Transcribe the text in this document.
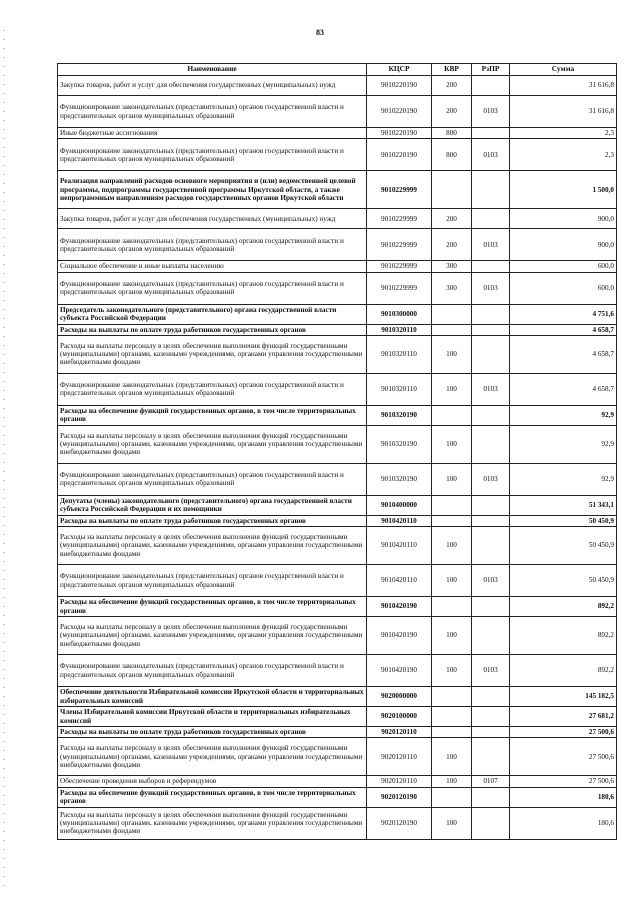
83
Наименование	КЦСР	КВР	РзПР	Сумма
Закупка товаров, работ и услуг для обеспечения государственных (муниципальных) нужд	9010220190	200		31 616,8
Функционирование законодательных (представительных) органов государственной власти и представительных органов муниципальных образований	9010220190	200	0103	31 616,8
Иные бюджетные ассигнования	9010220190	800		2,3
Функционирование законодательных (представительных) органов государственной власти и представительных органов муниципальных образований	9010220190	800	0103	2,3
Реализация направлений расходов основного мероприятия и (или) ведомственной целевой программы, подпрограммы государственной программы Иркутской области, а также непрограммным направлениям расходов государственных органов Иркутской области	9010229999			1 500,0
Закупка товаров, работ и услуг для обеспечения государственных (муниципальных) нужд	9010229999	200		900,0
Функционирование законодательных (представительных) органов государственной власти и представительных органов муниципальных образований	9010229999	200	0103	900,0
Социальное обеспечение и иные выплаты населению	9010229999	300		600,0
Функционирование законодательных (представительных) органов государственной власти и представительных органов муниципальных образований	9010229999	300	0103	600,0
Председатель законодательного (представительного) органа государственной власти субъекта Российской Федерации	9010300000			4 751,6
Расходы на выплаты по оплате труда работников государственных органов	9010320110			4 658,7
Расходы на выплаты персоналу в целях обеспечения выполнения функций государственными (муниципальными) органами, казенными учреждениями, органами управления государственными внебюджетными фондами	9010320110	100		4 658,7
Функционирование законодательных (представительных) органов государственной власти и представительных органов муниципальных образований	9010320110	100	0103	4 658,7
Расходы на обеспечение функций государственных органов, в том числе территориальных органов	9010320190			92,9
Расходы на выплаты персоналу в целях обеспечения выполнения функций государственными (муниципальными) органами, казенными учреждениями, органами управления государственными внебюджетными фондами	9010320190	100		92,9
Функционирование законодательных (представительных) органов государственной власти и представительных органов муниципальных образований	9010320190	100	0103	92,9
Депутаты (члены) законодательного (представительного) органа государственной власти субъекта Российской Федерации и их помощники	9010400000			51 343,1
Расходы на выплаты по оплате труда работников государственных органов	9010420110			50 450,9
Расходы на выплаты персоналу в целях обеспечения выполнения функций государственными (муниципальными) органами, казенными учреждениями, органами управления государственными внебюджетными фондами	9010420110	100		50 450,9
Функционирование законодательных (представительных) органов государственной власти и представительных органов муниципальных образований	9010420110	100	0103	50 450,9
Расходы на обеспечение функций государственных органов, в том числе территориальных органов	9010420190			892,2
Расходы на выплаты персоналу в целях обеспечения выполнения функций государственными (муниципальными) органами, казенными учреждениями, органами управления государственными внебюджетными фондами	9010420190	100		892,2
Функционирование законодательных (представительных) органов государственной власти и представительных органов муниципальных образований	9010420190	100	0103	892,2
Обеспечение деятельности Избирательной комиссии Иркутской области и территориальных избирательных комиссий	9020000000			145 182,5
Члены Избирательной комиссии Иркутской области и территориальных избирательных комиссий	9020100000			27 681,2
Расходы на выплаты по оплате труда работников государственных органов	9020120110			27 500,6
Расходы на выплаты персоналу в целях обеспечения выполнения функций государственными (муниципальными) органами, казенными учреждениями, органами управления государственными внебюджетными фондами	9020120110	100		27 500,6
Обеспечение проведения выборов и референдумов	9020120110	100	0107	27 500,6
Расходы на обеспечение функций государственных органов, в том числе территориальных органов	9020120190			180,6
Расходы на выплаты персоналу в целях обеспечения выполнения функций государственными (муниципальными) органами, казенными учреждениями, органами управления государственными внебюджетными фондами	9020120190	100		180,6
